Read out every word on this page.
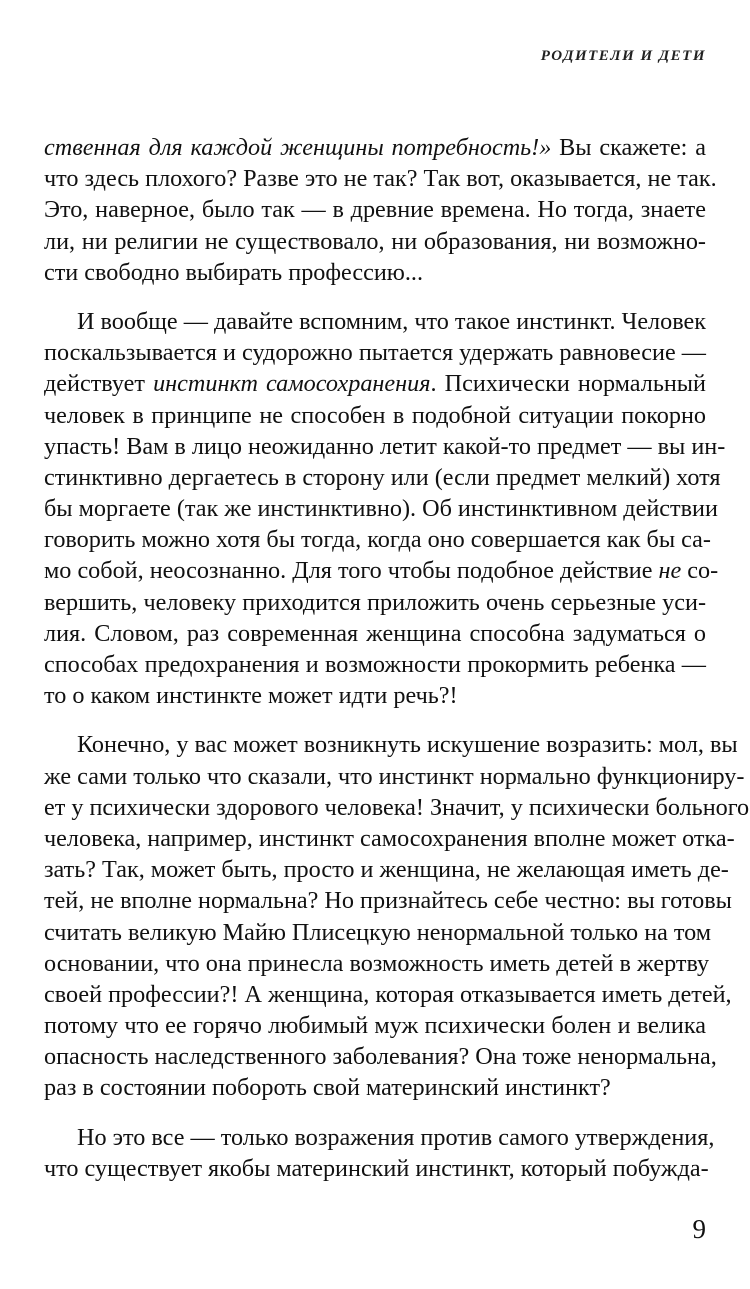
РОДИТЕЛИ И ДЕТИ
ственная для каждой женщины потребность!» Вы скажете: а
что здесь плохого? Разве это не так? Так вот, оказывается, не так.
Это, наверное, было так — в древние времена. Но тогда, знаете
ли, ни религии не существовало, ни образования, ни возможно-
сти свободно выбирать профессию...
И вообще — давайте вспомним, что такое инстинкт. Человек
поскальзывается и судорожно пытается удержать равновесие —
действует инстинкт самосохранения. Психически нормальный
человек в принципе не способен в подобной ситуации покорно
упасть! Вам в лицо неожиданно летит какой-то предмет — вы ин-
стинктивно дергаетесь в сторону или (если предмет мелкий) хотя
бы моргаете (так же инстинктивно). Об инстинктивном действии
говорить можно хотя бы тогда, когда оно совершается как бы са-
мо собой, неосознанно. Для того чтобы подобное действие не со-
вершить, человеку приходится приложить очень серьезные уси-
лия. Словом, раз современная женщина способна задуматься о
способах предохранения и возможности прокормить ребенка —
то о каком инстинкте может идти речь?!
Конечно, у вас может возникнуть искушение возразить: мол, вы
же сами только что сказали, что инстинкт нормально функциониру-
ет у психически здорового человека! Значит, у психически больного
человека, например, инстинкт самосохранения вполне может отка-
зать? Так, может быть, просто и женщина, не желающая иметь де-
тей, не вполне нормальна? Но признайтесь себе честно: вы готовы
считать великую Майю Плисецкую ненормальной только на том
основании, что она принесла возможность иметь детей в жертву
своей профессии?! А женщина, которая отказывается иметь детей,
потому что ее горячо любимый муж психически болен и велика
опасность наследственного заболевания? Она тоже ненормальна,
раз в состоянии побороть свой материнский инстинкт?
Но это все — только возражения против самого утверждения,
что существует якобы материнский инстинкт, который побужда-
9
